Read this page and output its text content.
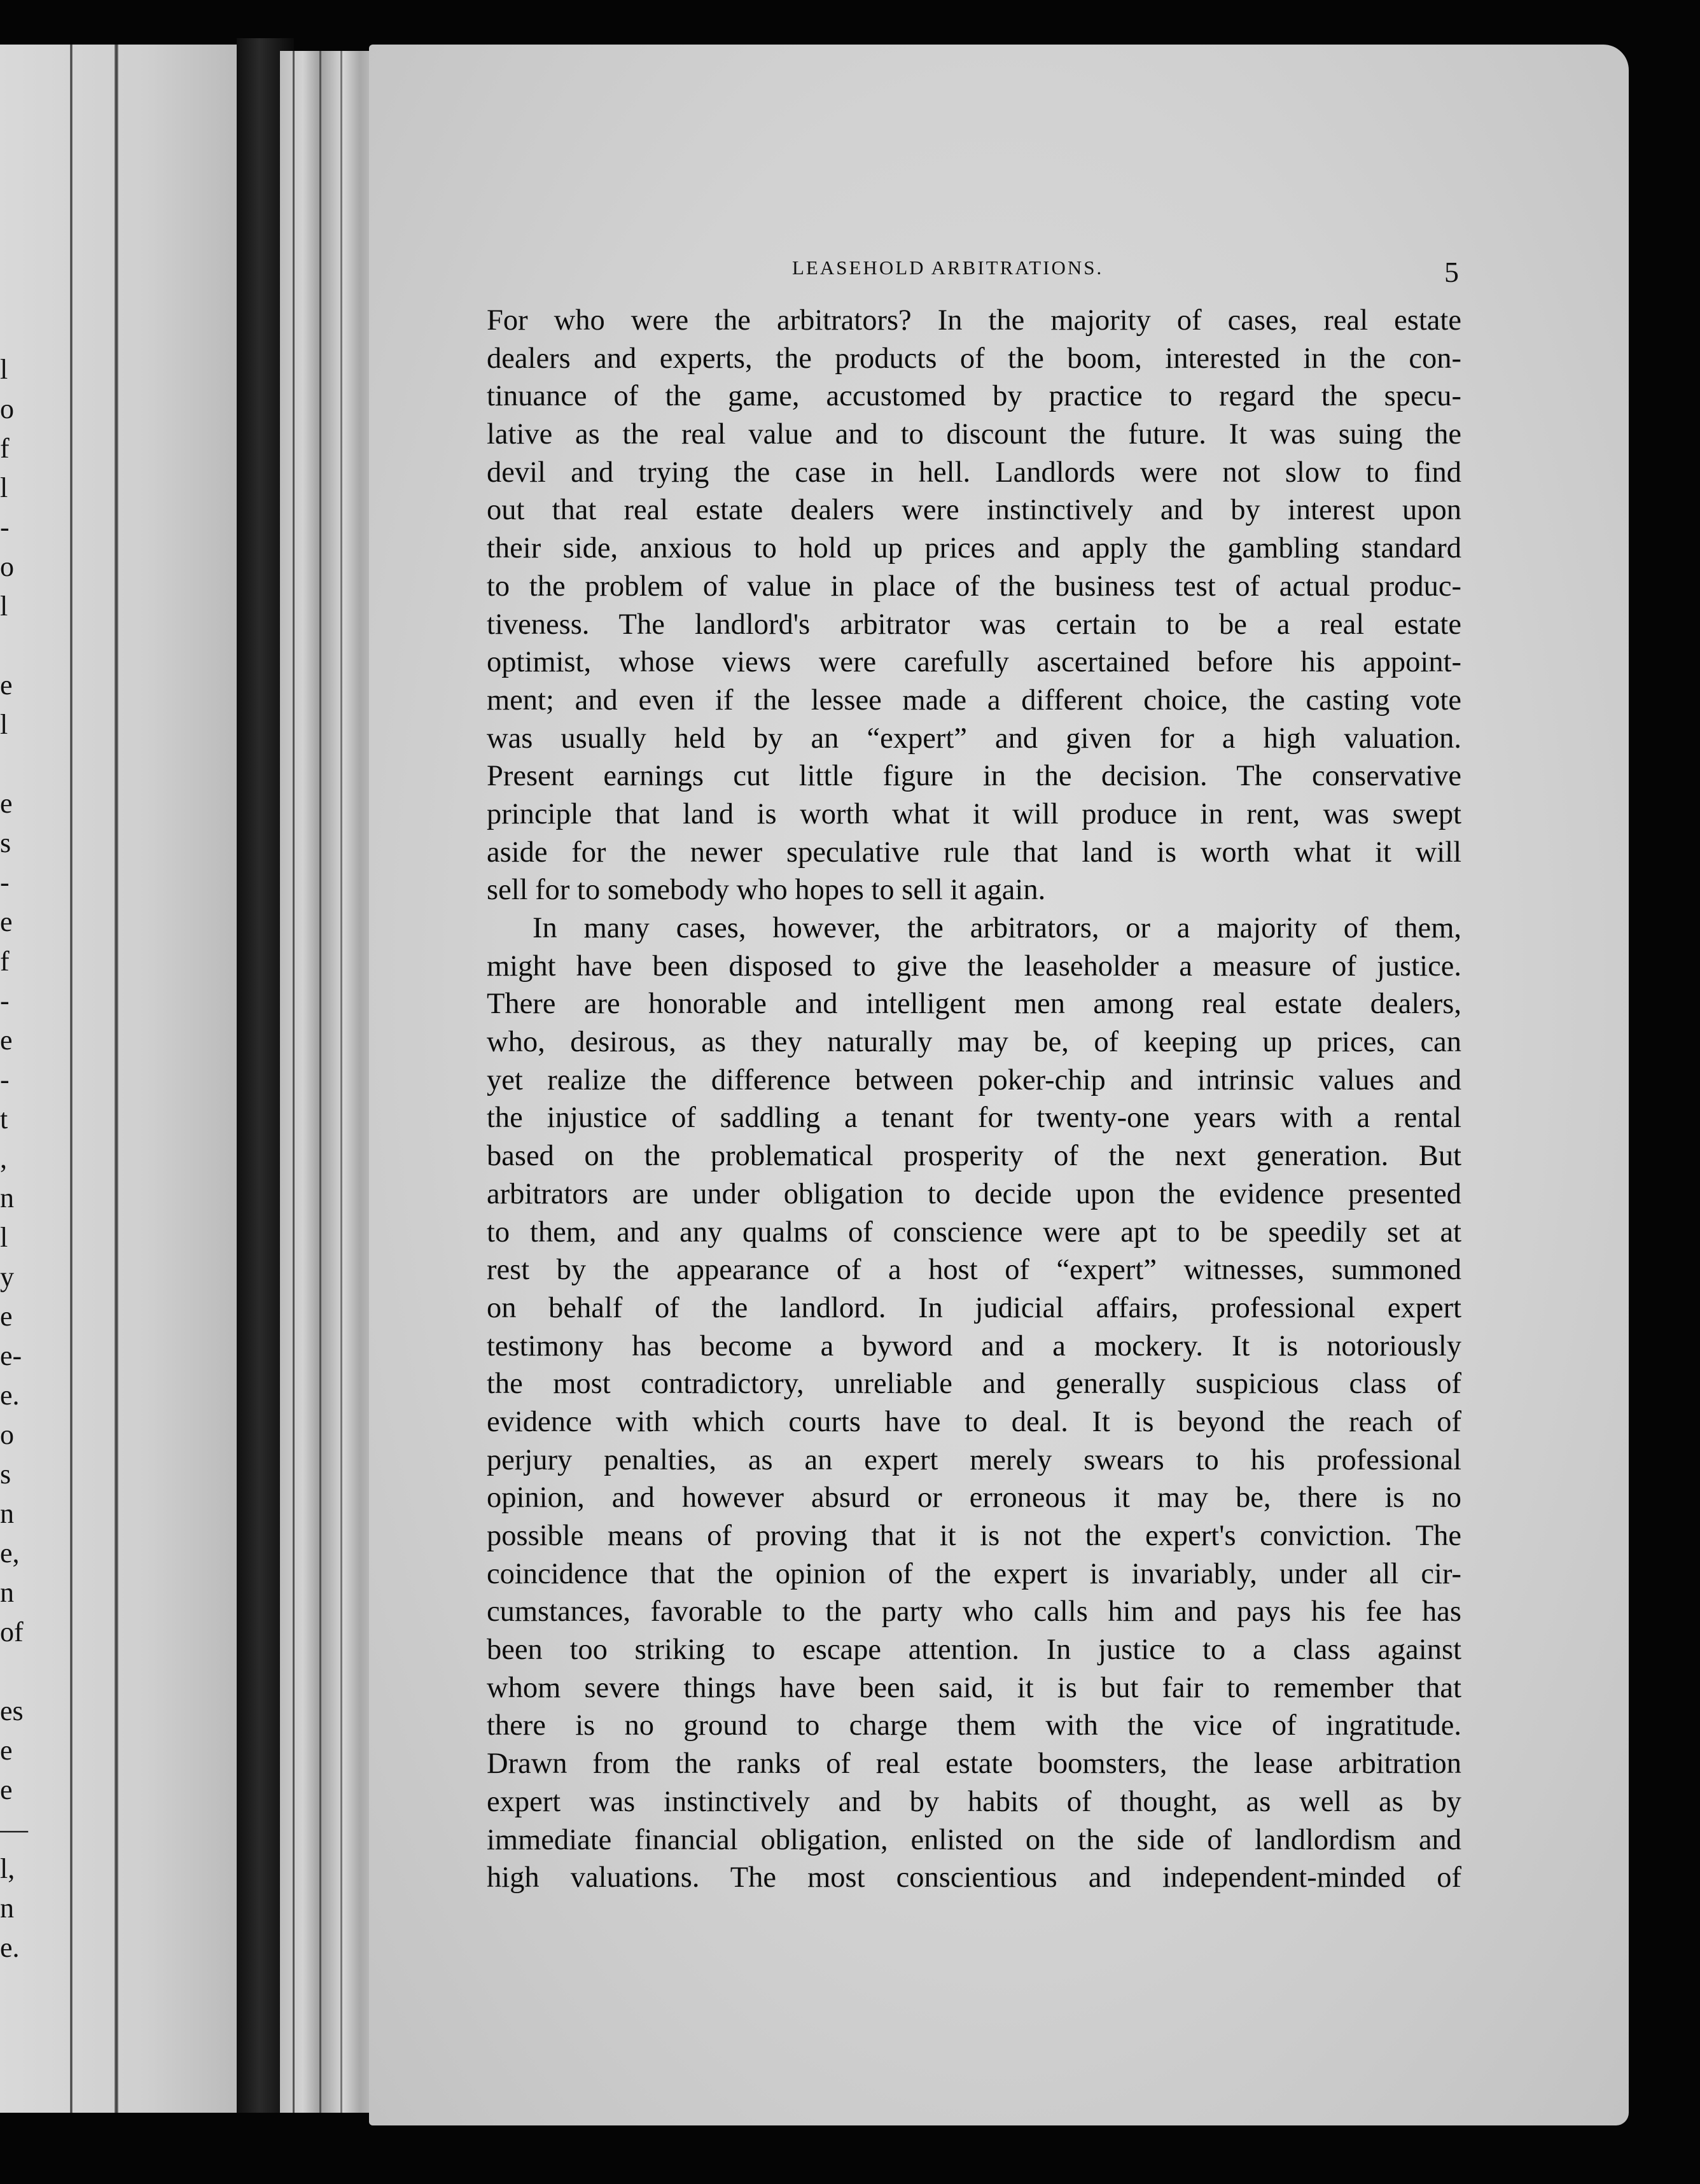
l
o
f
l
-
o
l

e
l

e
s
-
e
f
-
e
-
t
,
n
l
y
e
e-
e.
o
s
n
e,
n
of

es
e
e
—
l,
n
e.
LEASEHOLD ARBITRATIONS.	5
For who were the arbitrators? In the majority of cases, real estate
dealers and experts, the products of the boom, interested in the con-
tinuance of the game, accustomed by practice to regard the specu-
lative as the real value and to discount the future. It was suing the
devil and trying the case in hell. Landlords were not slow to find
out that real estate dealers were instinctively and by interest upon
their side, anxious to hold up prices and apply the gambling standard
to the problem of value in place of the business test of actual produc-
tiveness. The landlord's arbitrator was certain to be a real estate
optimist, whose views were carefully ascertained before his appoint-
ment; and even if the lessee made a different choice, the casting vote
was usually held by an “expert” and given for a high valuation.
Present earnings cut little figure in the decision. The conservative
principle that land is worth what it will produce in rent, was swept
aside for the newer speculative rule that land is worth what it will
sell for to somebody who hopes to sell it again.
In many cases, however, the arbitrators, or a majority of them,
might have been disposed to give the leaseholder a measure of justice.
There are honorable and intelligent men among real estate dealers,
who, desirous, as they naturally may be, of keeping up prices, can
yet realize the difference between poker-chip and intrinsic values and
the injustice of saddling a tenant for twenty-one years with a rental
based on the problematical prosperity of the next generation. But
arbitrators are under obligation to decide upon the evidence presented
to them, and any qualms of conscience were apt to be speedily set at
rest by the appearance of a host of “expert” witnesses, summoned
on behalf of the landlord. In judicial affairs, professional expert
testimony has become a byword and a mockery. It is notoriously
the most contradictory, unreliable and generally suspicious class of
evidence with which courts have to deal. It is beyond the reach of
perjury penalties, as an expert merely swears to his professional
opinion, and however absurd or erroneous it may be, there is no
possible means of proving that it is not the expert's conviction. The
coincidence that the opinion of the expert is invariably, under all cir-
cumstances, favorable to the party who calls him and pays his fee has
been too striking to escape attention. In justice to a class against
whom severe things have been said, it is but fair to remember that
there is no ground to charge them with the vice of ingratitude.
Drawn from the ranks of real estate boomsters, the lease arbitration
expert was instinctively and by habits of thought, as well as by
immediate financial obligation, enlisted on the side of landlordism and
high valuations. The most conscientious and independent-minded of
